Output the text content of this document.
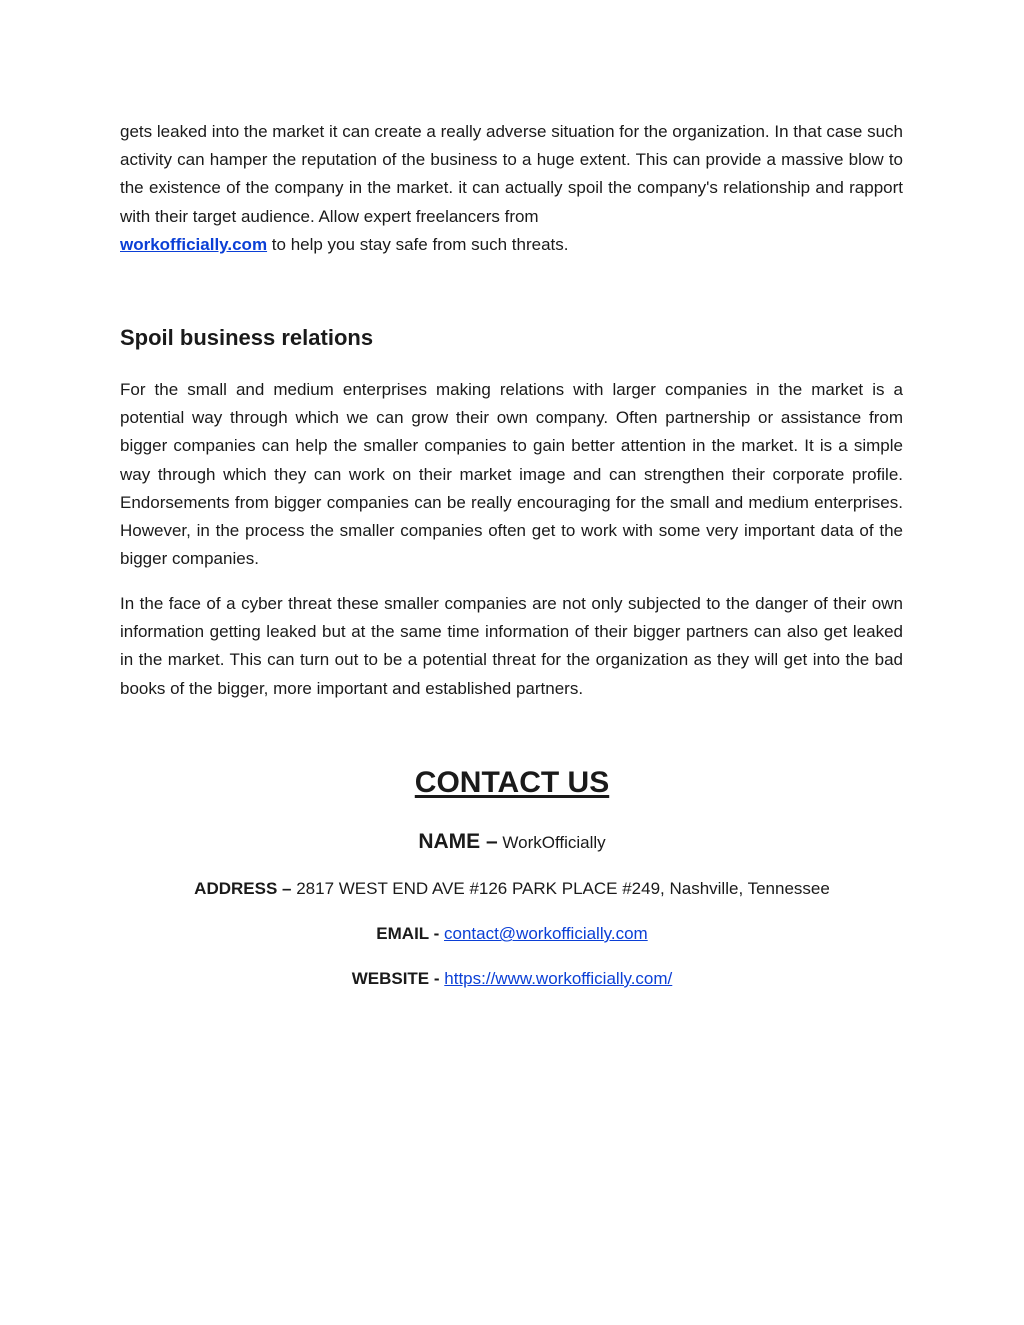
gets leaked into the market it can create a really adverse situation for the organization. In that case such activity can hamper the reputation of the business to a huge extent. This can provide a massive blow to the existence of the company in the market. it can actually spoil the company's relationship and rapport with their target audience. Allow expert freelancers from
workofficially.com to help you stay safe from such threats.

Spoil business relations

For the small and medium enterprises making relations with larger companies in the market is a potential way through which we can grow their own company. Often partnership or assistance from bigger companies can help the smaller companies to gain better attention in the market. It is a simple way through which they can work on their market image and can strengthen their corporate profile. Endorsements from bigger companies can be really encouraging for the small and medium enterprises. However, in the process the smaller companies often get to work with some very important data of the bigger companies.

In the face of a cyber threat these smaller companies are not only subjected to the danger of their own information getting leaked but at the same time information of their bigger partners can also get leaked in the market. This can turn out to be a potential threat for the organization as they will get into the bad books of the bigger, more important and established partners.

CONTACT US

NAME – WorkOfficially

ADDRESS – 2817 WEST END AVE #126 PARK PLACE #249, Nashville, Tennessee

EMAIL - contact@workofficially.com

WEBSITE - https://www.workofficially.com/
